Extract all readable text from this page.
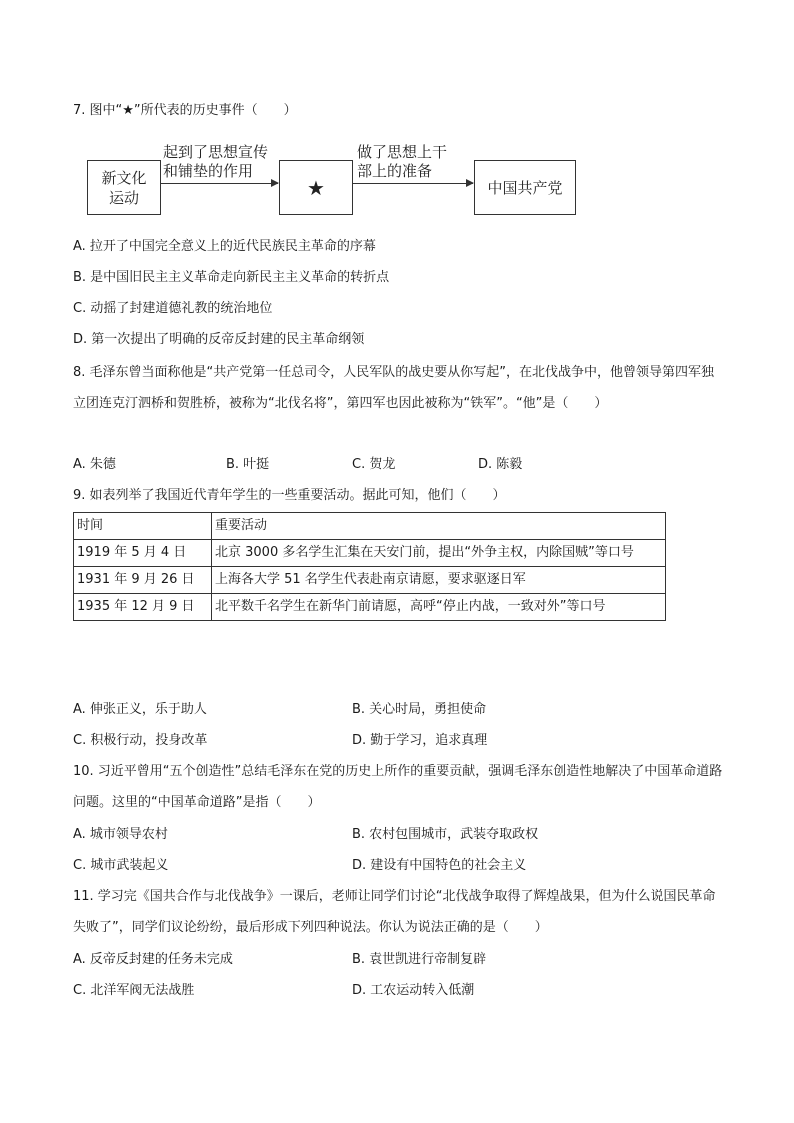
7. 图中“★”所代表的历史事件（　　）
新文化
运动
起到了思想宣传
和铺垫的作用
★
做了思想上干
部上的准备
中国共产党
A. 拉开了中国完全意义上的近代民族民主革命的序幕
B. 是中国旧民主主义革命走向新民主主义革命的转折点
C. 动摇了封建道德礼教的统治地位
D. 第一次提出了明确的反帝反封建的民主革命纲领
8. 毛泽东曾当面称他是“共产党第一任总司令，人民军队的战史要从你写起”，在北伐战争中，他曾领导第四军独立团连克汀泗桥和贺胜桥，被称为“北伐名将”，第四军也因此被称为“铁军”。“他”是（　　）
A. 朱德	B. 叶挺	C. 贺龙	D. 陈毅
9. 如表列举了我国近代青年学生的一些重要活动。据此可知，他们（　　）
时间	重要活动
1919 年 5 月 4 日	北京 3000 多名学生汇集在天安门前，提出“外争主权，内除国贼”等口号
1931 年 9 月 26 日	上海各大学 51 名学生代表赴南京请愿，要求驱逐日军
1935 年 12 月 9 日	北平数千名学生在新华门前请愿，高呼“停止内战，一致对外”等口号
A. 伸张正义，乐于助人	B. 关心时局，勇担使命
C. 积极行动，投身改革	D. 勤于学习，追求真理
10. 习近平曾用“五个创造性”总结毛泽东在党的历史上所作的重要贡献，强调毛泽东创造性地解决了中国革命道路问题。这里的“中国革命道路”是指（　　）
A. 城市领导农村	B. 农村包围城市，武装夺取政权
C. 城市武装起义	D. 建设有中国特色的社会主义
11. 学习完《国共合作与北伐战争》一课后，老师让同学们讨论“北伐战争取得了辉煌战果，但为什么说国民革命失败了”，同学们议论纷纷，最后形成下列四种说法。你认为说法正确的是（　　）
A. 反帝反封建的任务未完成	B. 袁世凯进行帝制复辟
C. 北洋军阀无法战胜	D. 工农运动转入低潮
